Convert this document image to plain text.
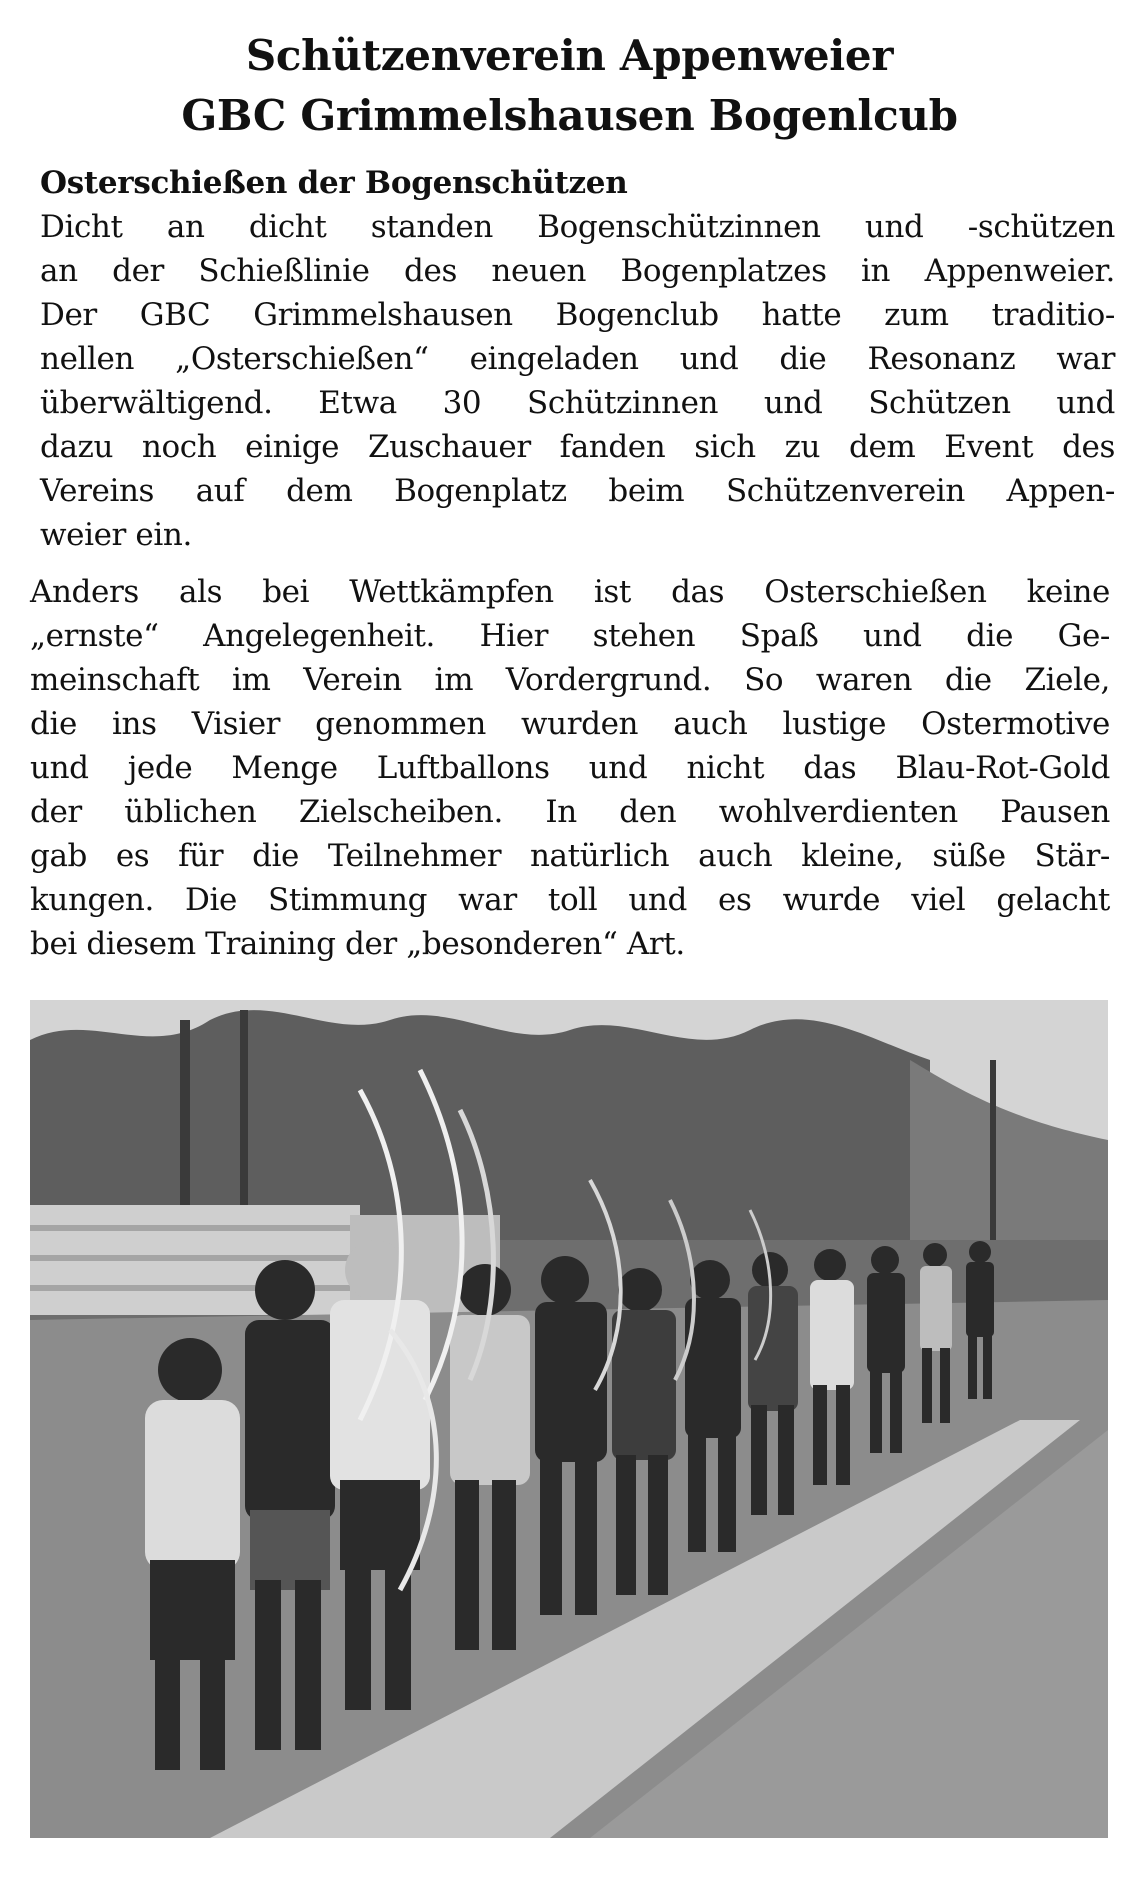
Schützenverein Appenweier
GBC Grimmelshausen Bogenlcub
Osterschießen der Bogenschützen
Dicht an dicht standen Bogenschützinnen und -schützen
an der Schießlinie des neuen Bogenplatzes in Appenweier.
Der GBC Grimmelshausen Bogenclub hatte zum traditio-
nellen „Osterschießen“ eingeladen und die Resonanz war
überwältigend. Etwa 30 Schützinnen und Schützen und
dazu noch einige Zuschauer fanden sich zu dem Event des
Vereins auf dem Bogenplatz beim Schützenverein Appen-
weier ein.
Anders als bei Wettkämpfen ist das Osterschießen keine
„ernste“ Angelegenheit. Hier stehen Spaß und die Ge-
meinschaft im Verein im Vordergrund. So waren die Ziele,
die ins Visier genommen wurden auch lustige Ostermotive
und jede Menge Luftballons und nicht das Blau-Rot-Gold
der üblichen Zielscheiben. In den wohlverdienten Pausen
gab es für die Teilnehmer natürlich auch kleine, süße Stär-
kungen. Die Stimmung war toll und es wurde viel gelacht
bei diesem Training der „besonderen“ Art.
